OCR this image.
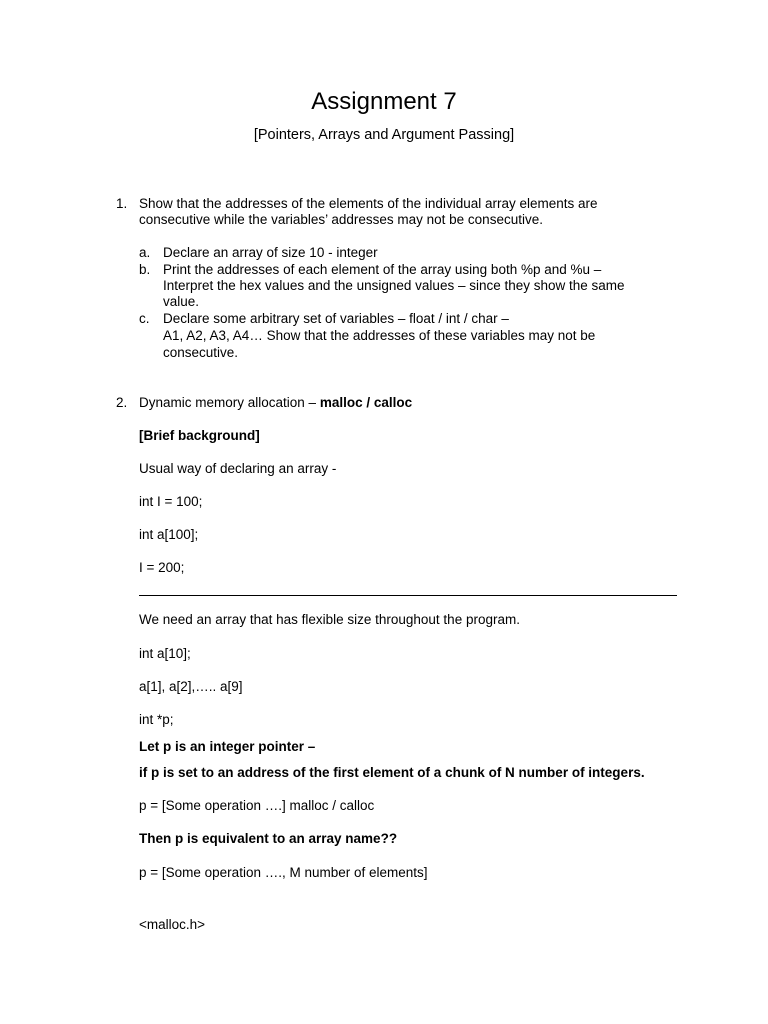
Assignment 7
[Pointers, Arrays and Argument Passing]
1. Show that the addresses of the elements of the individual array elements are
consecutive while the variables’ addresses may not be consecutive.
a. Declare an array of size 10 - integer
b. Print the addresses of each element of the array using both %p and %u –
Interpret the hex values and the unsigned values – since they show the same
value.
c. Declare some arbitrary set of variables – float / int / char –
A1, A2, A3, A4… Show that the addresses of these variables may not be
consecutive.
2. Dynamic memory allocation – malloc / calloc
[Brief background]
Usual way of declaring an array -
int I = 100;
int a[100];
I = 200;
We need an array that has flexible size throughout the program.
int a[10];
a[1], a[2],….. a[9]
int *p;
Let p is an integer pointer –
if p is set to an address of the first element of a chunk of N number of integers.
p = [Some operation ….] malloc / calloc
Then p is equivalent to an array name??
p = [Some operation …., M number of elements]
<malloc.h>
